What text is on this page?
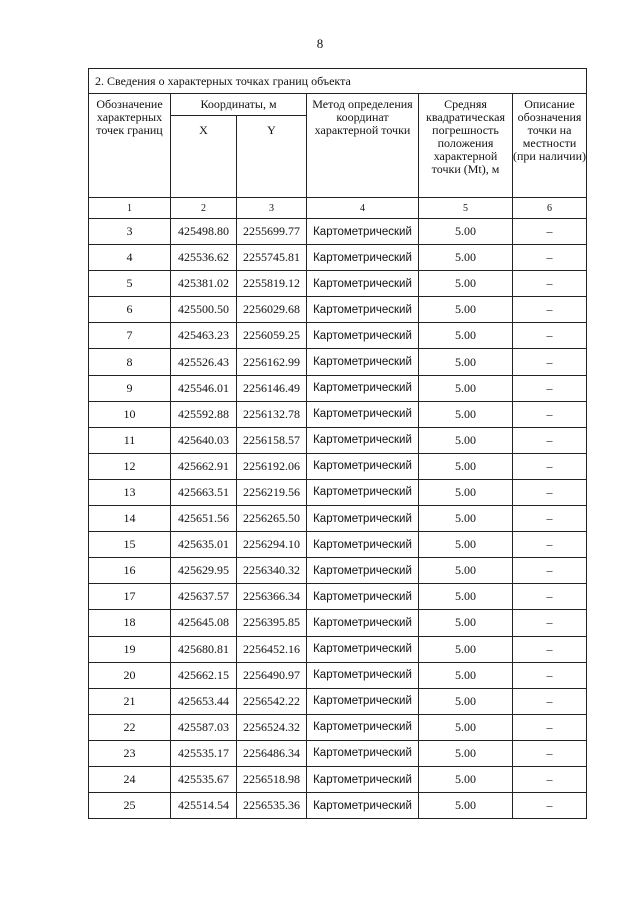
8
2. Сведения о характерных точках границ объекта					
Обозначение характерных точек границ	Координаты, м		Метод определения координат характерной точки	Средняя квадратическая погрешность положения характерной точки (Mt), м	Описание обозначения точки на местности (при наличии)
	X	Y			
1	2	3	4	5	6
3	425498.80	2255699.77	Картометрический	5.00	–
4	425536.62	2255745.81	Картометрический	5.00	–
5	425381.02	2255819.12	Картометрический	5.00	–
6	425500.50	2256029.68	Картометрический	5.00	–
7	425463.23	2256059.25	Картометрический	5.00	–
8	425526.43	2256162.99	Картометрический	5.00	–
9	425546.01	2256146.49	Картометрический	5.00	–
10	425592.88	2256132.78	Картометрический	5.00	–
11	425640.03	2256158.57	Картометрический	5.00	–
12	425662.91	2256192.06	Картометрический	5.00	–
13	425663.51	2256219.56	Картометрический	5.00	–
14	425651.56	2256265.50	Картометрический	5.00	–
15	425635.01	2256294.10	Картометрический	5.00	–
16	425629.95	2256340.32	Картометрический	5.00	–
17	425637.57	2256366.34	Картометрический	5.00	–
18	425645.08	2256395.85	Картометрический	5.00	–
19	425680.81	2256452.16	Картометрический	5.00	–
20	425662.15	2256490.97	Картометрический	5.00	–
21	425653.44	2256542.22	Картометрический	5.00	–
22	425587.03	2256524.32	Картометрический	5.00	–
23	425535.17	2256486.34	Картометрический	5.00	–
24	425535.67	2256518.98	Картометрический	5.00	–
25	425514.54	2256535.36	Картометрический	5.00	–
